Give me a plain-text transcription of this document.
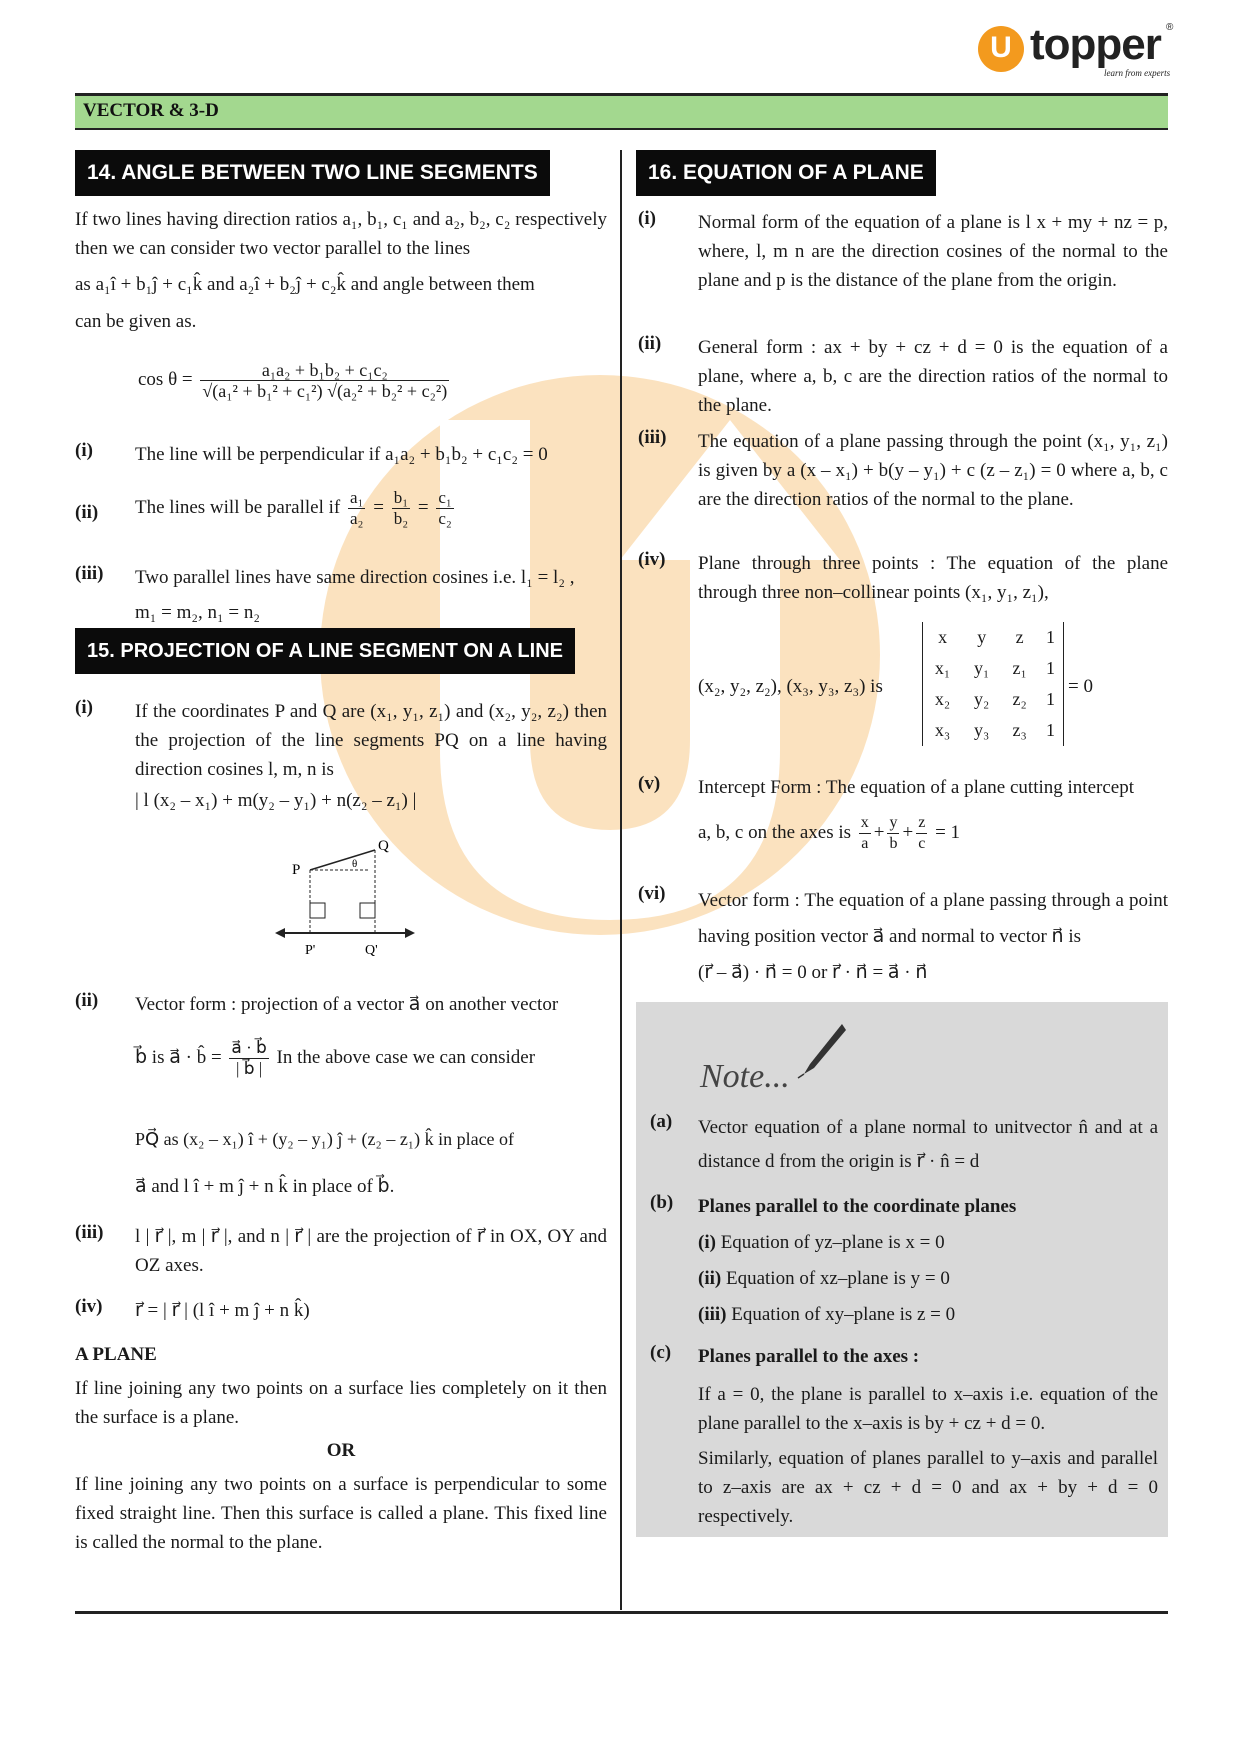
U topper
learn from experts
®
VECTOR & 3-D
14. ANGLE BETWEEN TWO LINE SEGMENTS
If two lines having direction ratios a₁, b₁, c₁ and a₂, b₂, c₂ respectively then we can consider two vector parallel to the lines
as a₁î + b₁ĵ + c₁k̂ and a₂î + b₂ĵ + c₂k̂ and angle between them
can be given as.
$\cos \theta = \frac{\text{a₁a₂ + b₁b₂ + c₁c₂}}{\text{√(a₁² + b₁² + c₁²) √(a₂² + b₂² + c₂²)}}$
(i) The line will be perpendicular if a₁a₂ + b₁b₂ + c₁c₂ = 0
(ii) The lines will be parallel if $\frac{\text{a₁}}{\text{a₂}} = \frac{\text{b₁}}{\text{b₂}} = \frac{\text{c₁}}{\text{c₂}}$
(iii) Two parallel lines have same direction cosines i.e. l₁ = l₂ ,
m₁ = m₂, n₁ = n₂
15. PROJECTION OF A LINE SEGMENT ON A LINE
(i) If the coordinates P and Q are (x₁, y₁, z₁) and (x₂, y₂, z₂) then the projection of the line segments PQ on a line having direction cosines l, m, n is
| l (x₂ – x₁) + m(y₂ – y₁) + n(z₂ – z₁) |
P
Q
θ
P'	Q'
(ii) Vector form : projection of a vector a⃗ on another vector
b⃗ is a⃗ · b̂ = $\frac{a⃗ \cdot b⃗}{| b⃗ |}$ In the above case we can consider
PQ⃗ as (x₂ – x₁) î + (y₂ – y₁) ĵ + (z₂ – z₁) k̂ in place of
a⃗ and l î + m ĵ + n k̂ in place of b⃗.
(iii) l | r⃗ |, m | r⃗ |, and n | r⃗ | are the projection of r⃗ in OX, OY and OZ axes.
(iv) r⃗ = | r⃗ | (l î + m ĵ + n k̂)
A PLANE
If line joining any two points on a surface lies completely on it then the surface is a plane.
OR
If line joining any two points on a surface is perpendicular to some fixed straight line. Then this surface is called a plane. This fixed line is called the normal to the plane.
16. EQUATION OF A PLANE
(i) Normal form of the equation of a plane is l x + my + nz = p, where, l, m n are the direction cosines of the normal to the plane and p is the distance of the plane from the origin.
(ii) General form : ax + by + cz + d = 0 is the equation of a plane, where a, b, c are the direction ratios of the normal to the plane.
(iii) The equation of a plane passing through the point (x₁, y₁, z₁) is given by a (x – x₁) + b(y – y₁) + c (z – z₁) = 0 where a, b, c are the direction ratios of the normal to the plane.
(iv) Plane through three points : The equation of the plane through three non–collinear points (x₁, y₁, z₁),
(x₂, y₂, z₂), (x₃, y₃, z₃) is
x	y	z	1
x₁	y₁	z₁	1
x₂	y₂	z₂	1
x₃	y₃	z₃	1
= 0
(v) Intercept Form : The equation of a plane cutting intercept
a, b, c on the axes is $\frac{x}{a} + \frac{y}{b} + \frac{z}{c} = 1$
(vi) Vector form : The equation of a plane passing through a point having position vector a⃗ and normal to vector n⃗ is
(r⃗ – a⃗) · n⃗ = 0 or r⃗ · n⃗ = a⃗ · n⃗
Note...
(a) Vector equation of a plane normal to unitvector n̂ and at a distance d from the origin is r⃗ · n̂ = d
(b) Planes parallel to the coordinate planes
(i) Equation of yz–plane is x = 0
(ii) Equation of xz–plane is y = 0
(iii) Equation of xy–plane is z = 0
(c) Planes parallel to the axes :
If a = 0, the plane is parallel to x–axis i.e. equation of the plane parallel to the x–axis is by + cz + d = 0.
Similarly, equation of planes parallel to y–axis and parallel to z–axis are ax + cz + d = 0 and ax + by + d = 0 respectively.
